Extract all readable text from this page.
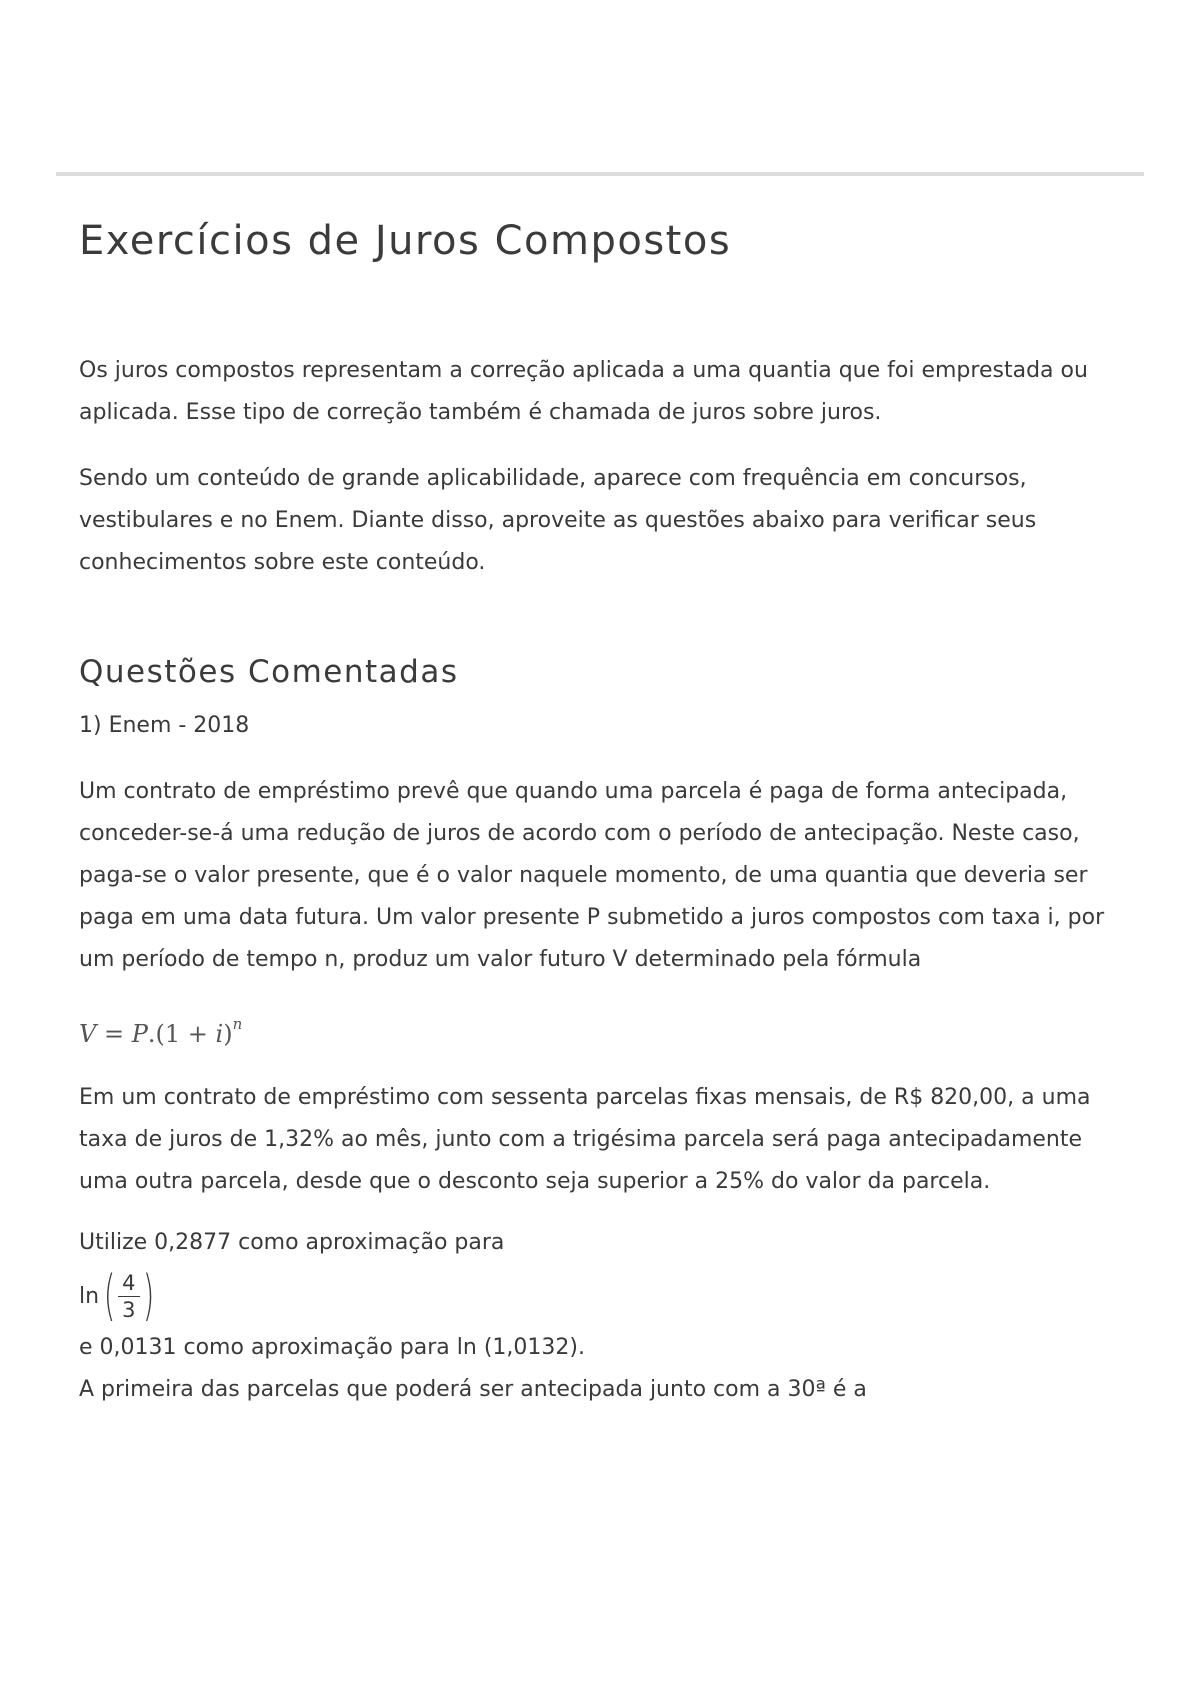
Exercícios de Juros Compostos

Os juros compostos representam a correção aplicada a uma quantia que foi emprestada ou aplicada. Esse tipo de correção também é chamada de juros sobre juros.

Sendo um conteúdo de grande aplicabilidade, aparece com frequência em concursos, vestibulares e no Enem. Diante disso, aproveite as questões abaixo para verificar seus conhecimentos sobre este conteúdo.

Questões Comentadas

1) Enem - 2018

Um contrato de empréstimo prevê que quando uma parcela é paga de forma antecipada, conceder-se-á uma redução de juros de acordo com o período de antecipação. Neste caso, paga-se o valor presente, que é o valor naquele momento, de uma quantia que deveria ser paga em uma data futura. Um valor presente P submetido a juros compostos com taxa i, por um período de tempo n, produz um valor futuro V determinado pela fórmula

$V = P.(1 + i)^n$

Em um contrato de empréstimo com sessenta parcelas fixas mensais, de R$ 820,00, a uma taxa de juros de 1,32% ao mês, junto com a trigésima parcela será paga antecipadamente uma outra parcela, desde que o desconto seja superior a 25% do valor da parcela.

Utilize 0,2877 como aproximação para

ln ( $\frac{4}{3}$ )

e 0,0131 como aproximação para ln (1,0132).

A primeira das parcelas que poderá ser antecipada junto com a 30ª é a
